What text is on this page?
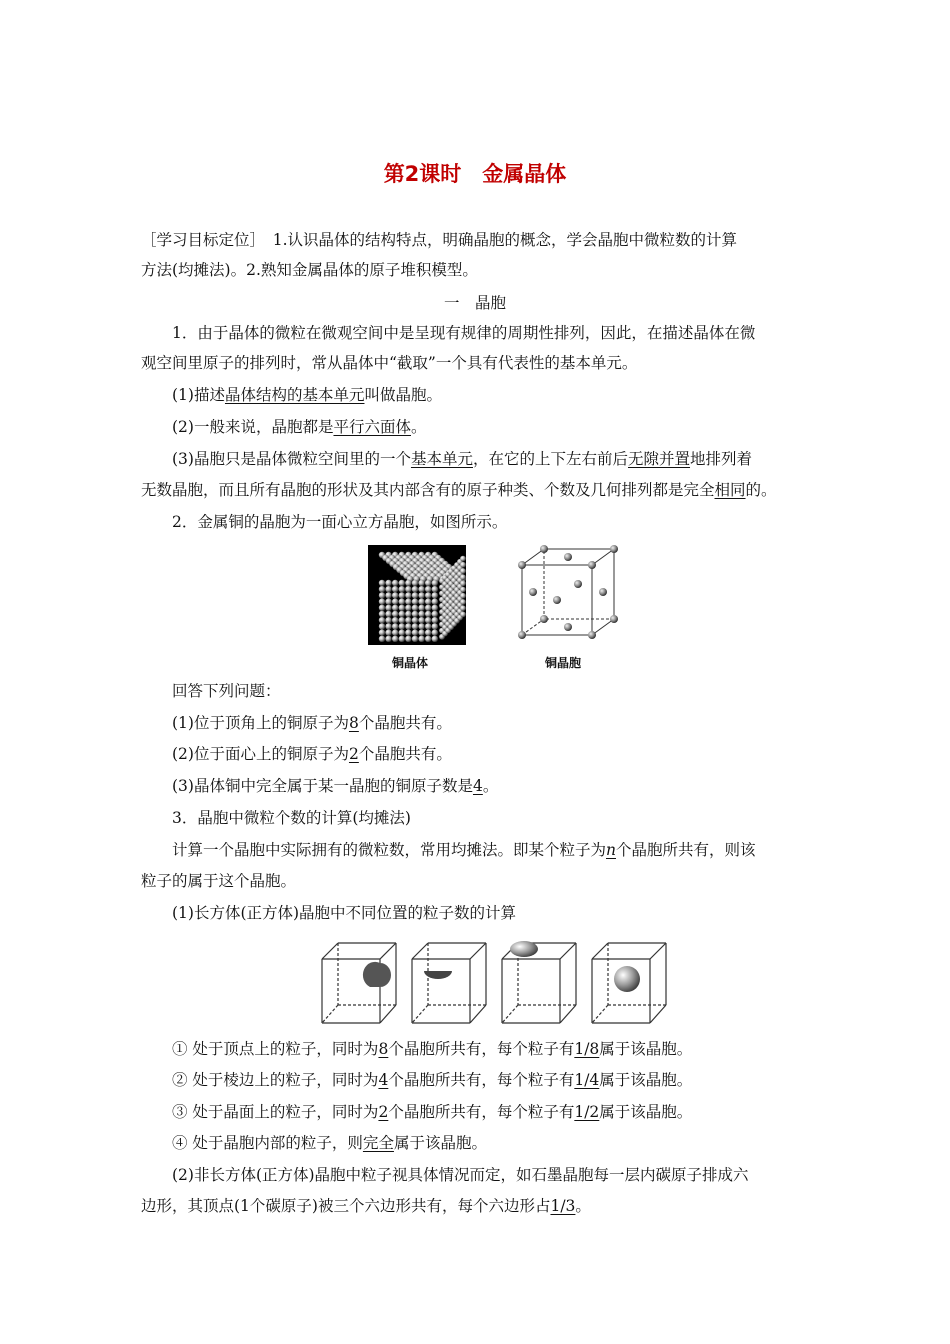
第2课时　金属晶体
［学习目标定位］　1.认识晶体的结构特点，明确晶胞的概念，学会晶胞中微粒数的计算
方法(均摊法)。2.熟知金属晶体的原子堆积模型。
一　晶胞
1．由于晶体的微粒在微观空间中是呈现有规律的周期性排列，因此，在描述晶体在微
观空间里原子的排列时，常从晶体中“截取”一个具有代表性的基本单元。
(1)描述晶体结构的基本单元叫做晶胞。
(2)一般来说，晶胞都是平行六面体。
(3)晶胞只是晶体微粒空间里的一个基本单元，在它的上下左右前后无隙并置地排列着
无数晶胞，而且所有晶胞的形状及其内部含有的原子种类、个数及几何排列都是完全相同的。
2．金属铜的晶胞为一面心立方晶胞，如图所示。
铜晶体	铜晶胞
回答下列问题：
(1)位于顶角上的铜原子为8个晶胞共有。
(2)位于面心上的铜原子为2个晶胞共有。
(3)晶体铜中完全属于某一晶胞的铜原子数是4。
3．晶胞中微粒个数的计算(均摊法)
计算一个晶胞中实际拥有的微粒数，常用均摊法。即某个粒子为n个晶胞所共有，则该
粒子的属于这个晶胞。
(1)长方体(正方体)晶胞中不同位置的粒子数的计算
① 处于顶点上的粒子，同时为8个晶胞所共有，每个粒子有1/8属于该晶胞。
② 处于棱边上的粒子，同时为4个晶胞所共有，每个粒子有1/4属于该晶胞。
③ 处于晶面上的粒子，同时为2个晶胞所共有，每个粒子有1/2属于该晶胞。
④ 处于晶胞内部的粒子，则完全属于该晶胞。
(2)非长方体(正方体)晶胞中粒子视具体情况而定，如石墨晶胞每一层内碳原子排成六
边形，其顶点(1个碳原子)被三个六边形共有，每个六边形占1/3。
